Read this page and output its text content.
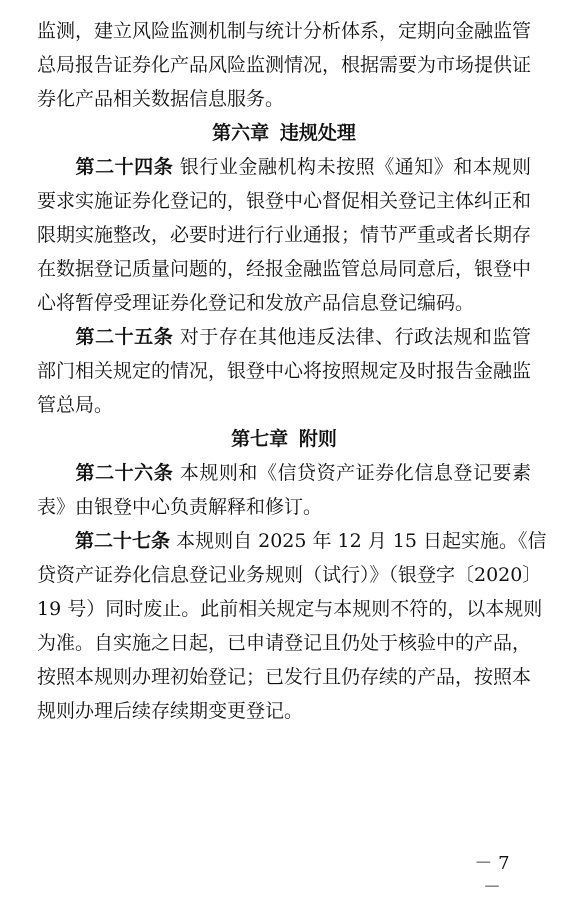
监测，建立风险监测机制与统计分析体系，定期向金融监管
总局报告证券化产品风险监测情况，根据需要为市场提供证
券化产品相关数据信息服务。
第六章 违规处理
第二十四条 银行业金融机构未按照《通知》和本规则
要求实施证券化登记的，银登中心督促相关登记主体纠正和
限期实施整改，必要时进行行业通报；情节严重或者长期存
在数据登记质量问题的，经报金融监管总局同意后，银登中
心将暂停受理证券化登记和发放产品信息登记编码。
第二十五条 对于存在其他违反法律、行政法规和监管
部门相关规定的情况，银登中心将按照规定及时报告金融监
管总局。
第七章 附则
第二十六条 本规则和《信贷资产证券化信息登记要素
表》由银登中心负责解释和修订。
第二十七条 本规则自 2025 年 12 月 15 日起实施。《信
贷资产证券化信息登记业务规则（试行）》（银登字〔2020〕
19 号）同时废止。此前相关规定与本规则不符的，以本规则
为准。自实施之日起，已申请登记且仍处于核验中的产品，
按照本规则办理初始登记；已发行且仍存续的产品，按照本
规则办理后续存续期变更登记。
－ 7 －
